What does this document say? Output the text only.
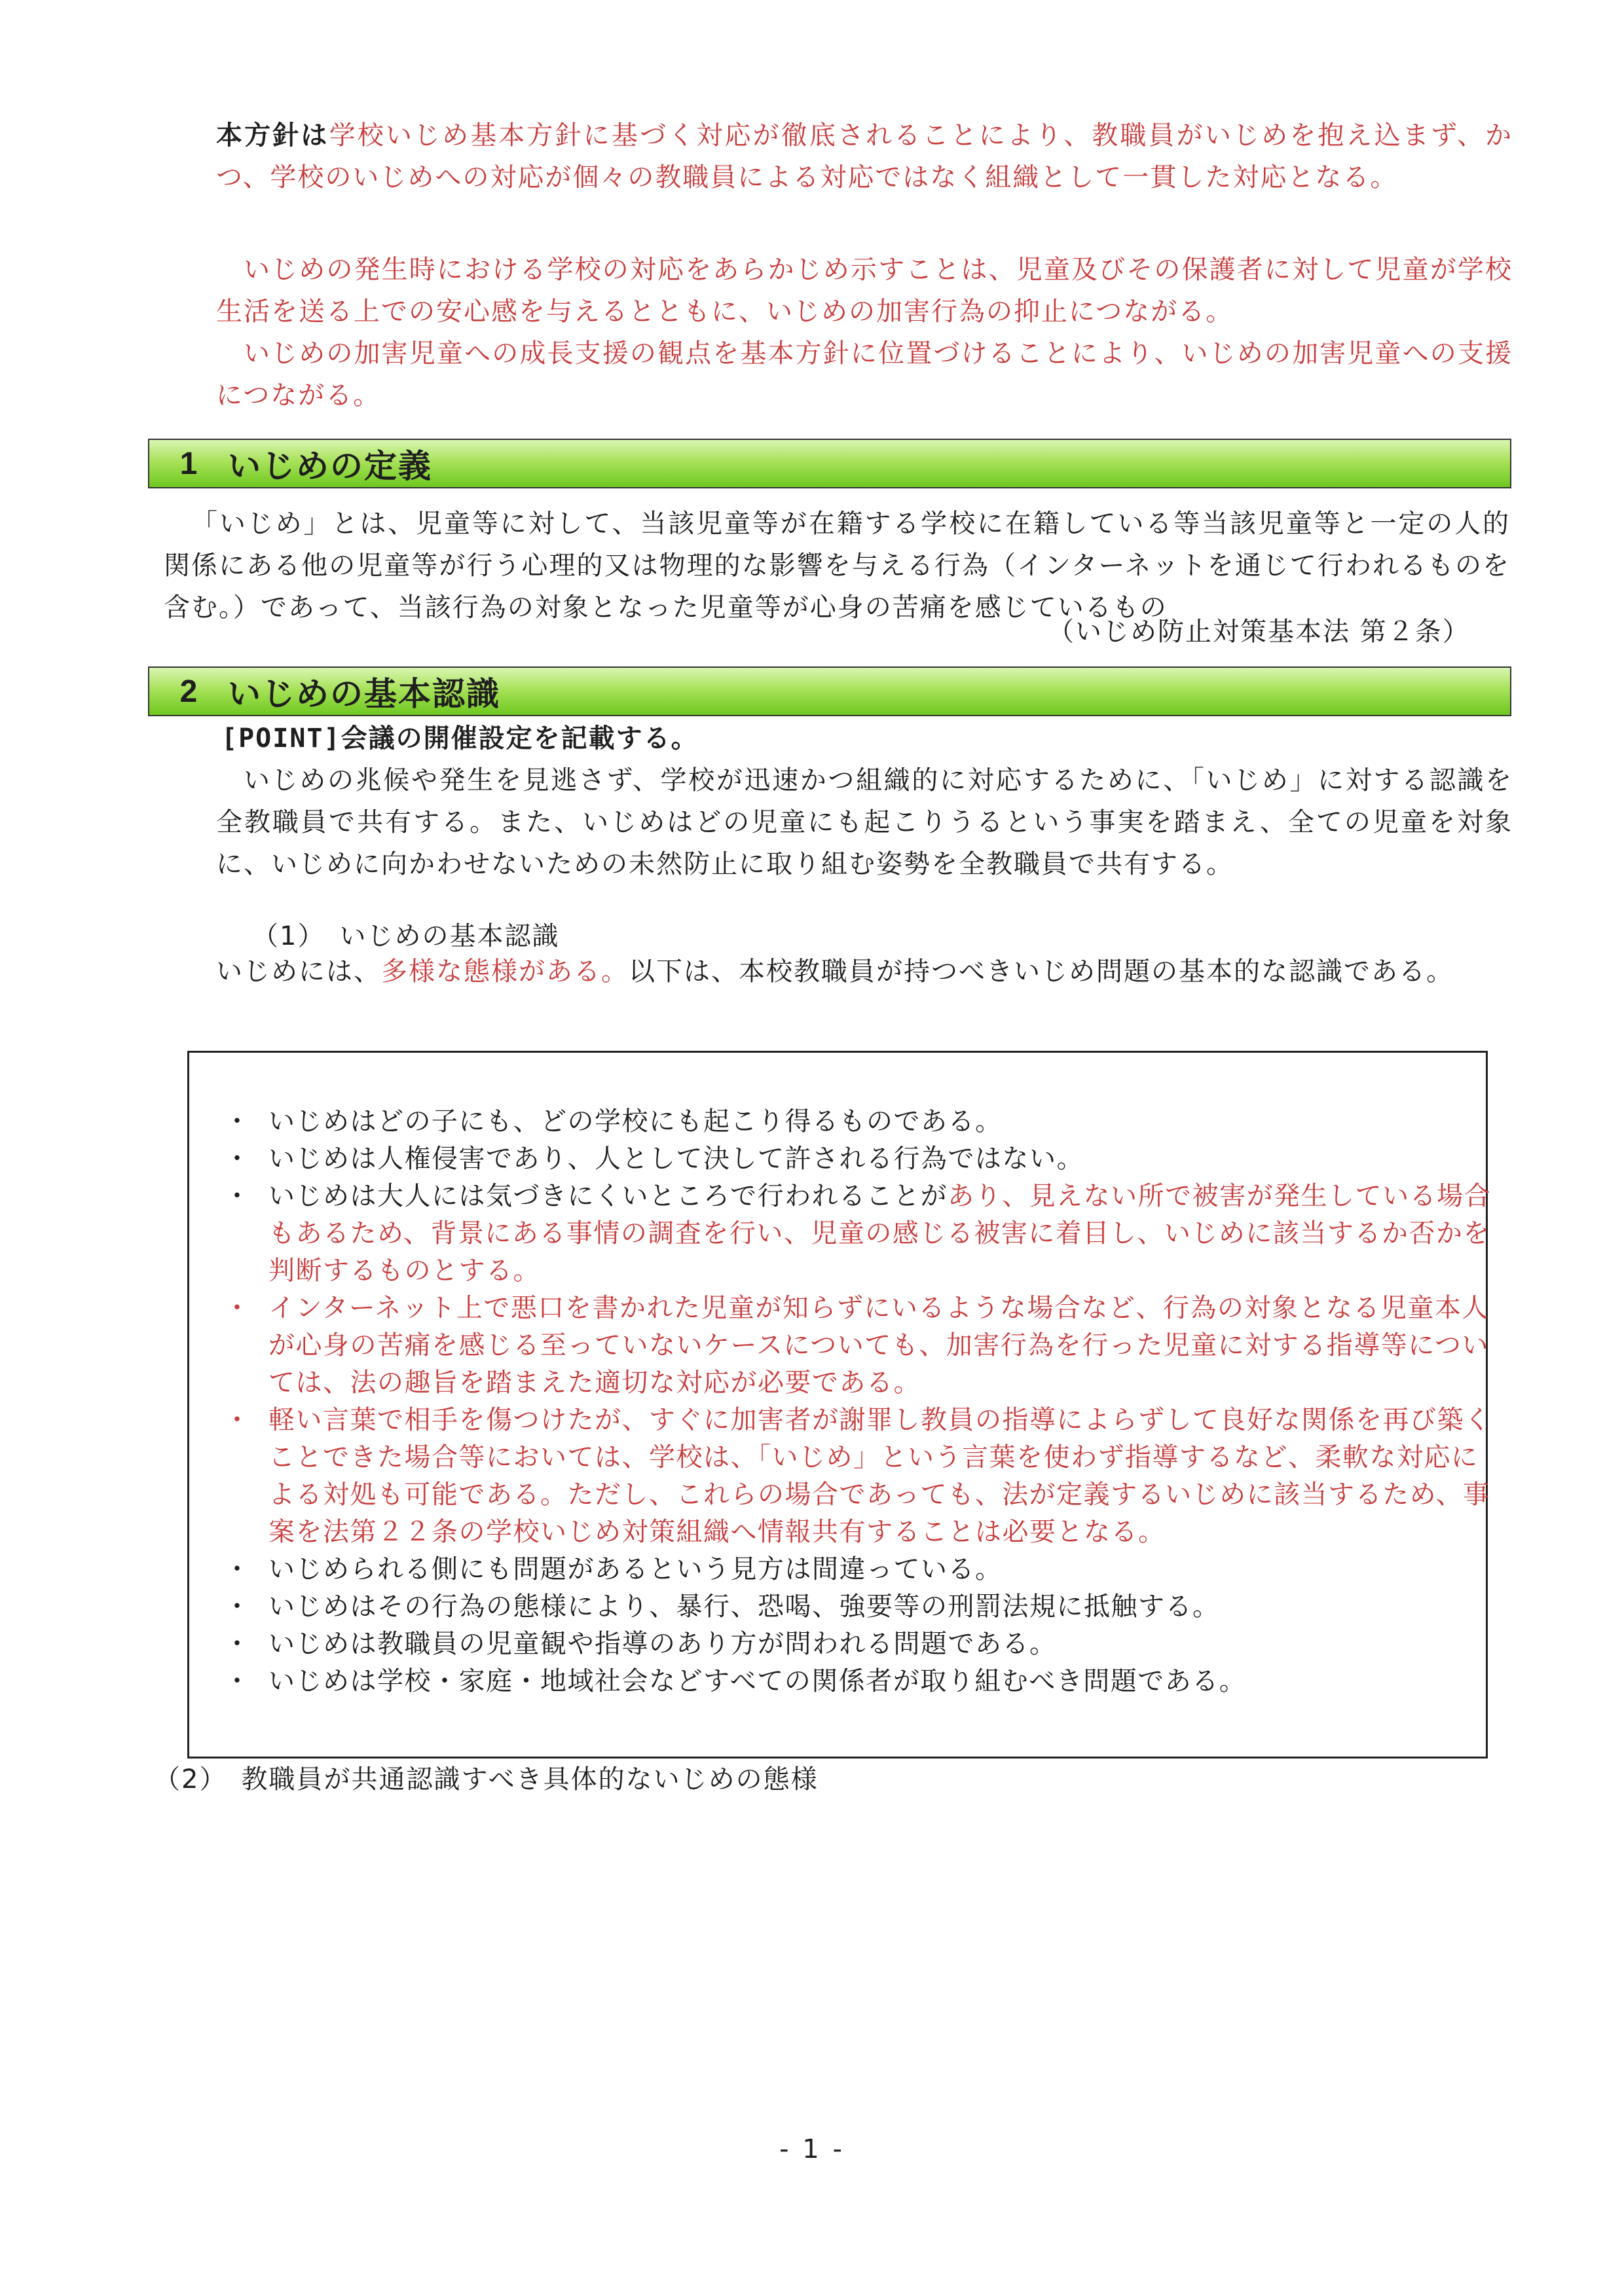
本方針は学校いじめ基本方針に基づく対応が徹底されることにより、教職員がいじめを抱え込まず、かつ、学校のいじめへの対応が個々の教職員による対応ではなく組織として一貫した対応となる。
いじめの発生時における学校の対応をあらかじめ示すことは、児童及びその保護者に対して児童が学校生活を送る上での安心感を与えるとともに、いじめの加害行為の抑止につながる。
いじめの加害児童への成長支援の観点を基本方針に位置づけることにより、いじめの加害児童への支援につながる。
1 いじめの定義
「いじめ」とは、児童等に対して、当該児童等が在籍する学校に在籍している等当該児童等と一定の人的関係にある他の児童等が行う心理的又は物理的な影響を与える行為（インターネットを通じて行われるものを含む。）であって、当該行為の対象となった児童等が心身の苦痛を感じているもの
（いじめ防止対策基本法 第２条）
2 いじめの基本認識
[POINT]会議の開催設定を記載する。
いじめの兆候や発生を見逃さず、学校が迅速かつ組織的に対応するために、「いじめ」に対する認識を全教職員で共有する。また、いじめはどの児童にも起こりうるという事実を踏まえ、全ての児童を対象に、いじめに向かわせないための未然防止に取り組む姿勢を全教職員で共有する。
（1）　いじめの基本認識
いじめには、多様な態様がある。以下は、本校教職員が持つべきいじめ問題の基本的な認識である。
・ いじめはどの子にも、どの学校にも起こり得るものである。
・ いじめは人権侵害であり、人として決して許される行為ではない。
・ いじめは大人には気づきにくいところで行われることがあり、見えない所で被害が発生している場合もあるため、背景にある事情の調査を行い、児童の感じる被害に着目し、いじめに該当するか否かを判断するものとする。
・ インターネット上で悪口を書かれた児童が知らずにいるような場合など、行為の対象となる児童本人が心身の苦痛を感じる至っていないケースについても、加害行為を行った児童に対する指導等については、法の趣旨を踏まえた適切な対応が必要である。
・ 軽い言葉で相手を傷つけたが、すぐに加害者が謝罪し教員の指導によらずして良好な関係を再び築くことできた場合等においては、学校は、「いじめ」という言葉を使わず指導するなど、柔軟な対応による対処も可能である。ただし、これらの場合であっても、法が定義するいじめに該当するため、事案を法第２２条の学校いじめ対策組織へ情報共有することは必要となる。
・ いじめられる側にも問題があるという見方は間違っている。
・ いじめはその行為の態様により、暴行、恐喝、強要等の刑罰法規に抵触する。
・ いじめは教職員の児童観や指導のあり方が問われる問題である。
・ いじめは学校・家庭・地域社会などすべての関係者が取り組むべき問題である。
（2）　教職員が共通認識すべき具体的ないじめの態様
- 1 -
